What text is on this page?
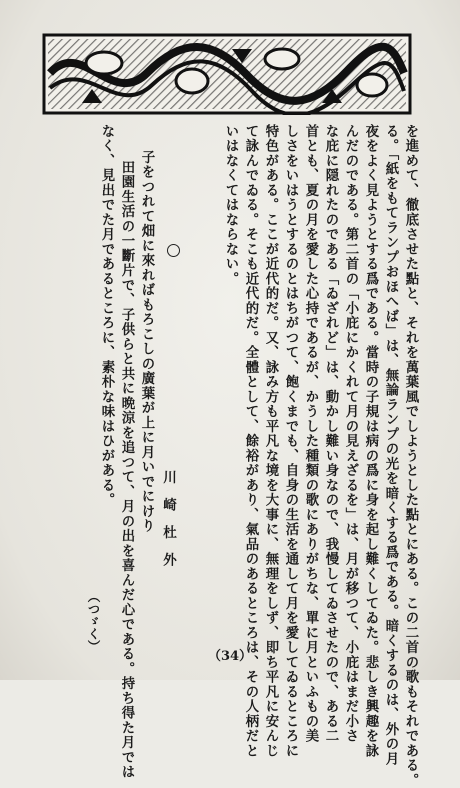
を進めて、徹底させた點と、それを萬葉風でしようとした點とにある。この二首の歌もそれである。
る。「紙をもてランプおほへば」は、無論ランプの光を暗くする爲である。暗くするのは、外の月
夜をよく見ようとする爲である。當時の子規は病の爲に身を起し難くしてゐた。悲しき興趣を詠
んだのである。第二首の「小庇にかくれて月の見えざるを」は、月が移つて、小庇はまだ小さ
な庇に隠れたのである「ゐざれど」は、動かし難い身なので、我慢してゐさせたので、ある二
首とも、夏の月を愛した心持であるが、かうした種類の歌にありがちな、單に月といふもの美
しさをいはうとするのとはちがつて、飽くまでも、自身の生活を通して月を愛してゐるところに
特色がある。ここが近代的だ。又、詠み方も平凡な境を大事に、無理をしず、即ち平凡に安んじ
て詠んでゐる。そこも近代的だ。全體として、餘裕があり、氣品のあるところは、その人柄だと
いはなくてはならない。
子をつれて畑に來ればもろこしの廣葉が上に月いでにけり
田園生活の一斷片で、子供らと共に晩涼を追つて、月の出を喜んだ心である。持ち得た月では
なく、見出でた月であるところに、素朴な味はひがある。
川崎杜外
（つゞく）
（34）
